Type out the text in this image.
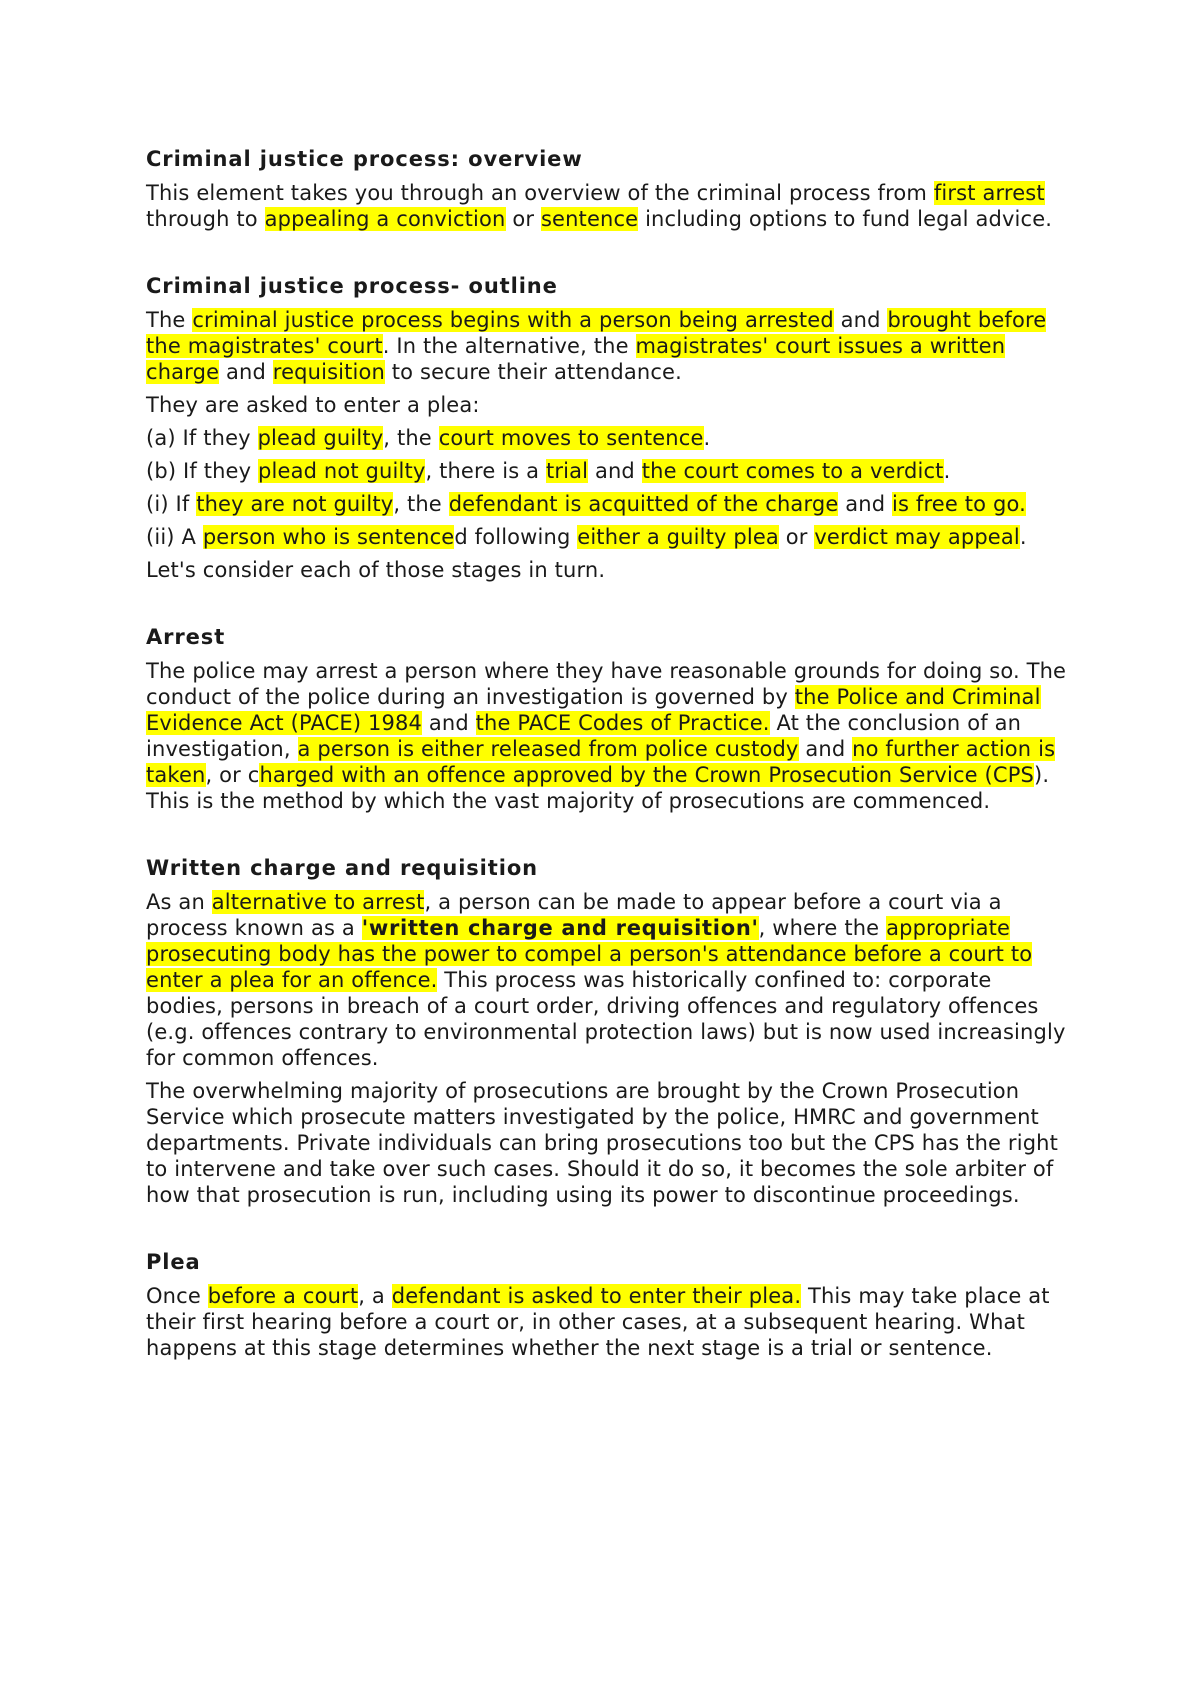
Criminal justice process: overview

This element takes you through an overview of the criminal process from first arrest through to appealing a conviction or sentence including options to fund legal advice.

Criminal justice process- outline

The criminal justice process begins with a person being arrested and brought before the magistrates' court. In the alternative, the magistrates' court issues a written charge and requisition to secure their attendance.

They are asked to enter a plea:

(a) If they plead guilty, the court moves to sentence.

(b) If they plead not guilty, there is a trial and the court comes to a verdict.

(i) If they are not guilty, the defendant is acquitted of the charge and is free to go.

(ii) A person who is sentenced following either a guilty plea or verdict may appeal.

Let's consider each of those stages in turn.

Arrest

The police may arrest a person where they have reasonable grounds for doing so. The conduct of the police during an investigation is governed by the Police and Criminal Evidence Act (PACE) 1984 and the PACE Codes of Practice. At the conclusion of an investigation, a person is either released from police custody and no further action is taken, or charged with an offence approved by the Crown Prosecution Service (CPS). This is the method by which the vast majority of prosecutions are commenced.

Written charge and requisition

As an alternative to arrest, a person can be made to appear before a court via a process known as a 'written charge and requisition', where the appropriate prosecuting body has the power to compel a person's attendance before a court to enter a plea for an offence. This process was historically confined to: corporate bodies, persons in breach of a court order, driving offences and regulatory offences (e.g. offences contrary to environmental protection laws) but is now used increasingly for common offences.

The overwhelming majority of prosecutions are brought by the Crown Prosecution Service which prosecute matters investigated by the police, HMRC and government departments. Private individuals can bring prosecutions too but the CPS has the right to intervene and take over such cases. Should it do so, it becomes the sole arbiter of how that prosecution is run, including using its power to discontinue proceedings.

Plea

Once before a court, a defendant is asked to enter their plea. This may take place at their first hearing before a court or, in other cases, at a subsequent hearing. What happens at this stage determines whether the next stage is a trial or sentence.
